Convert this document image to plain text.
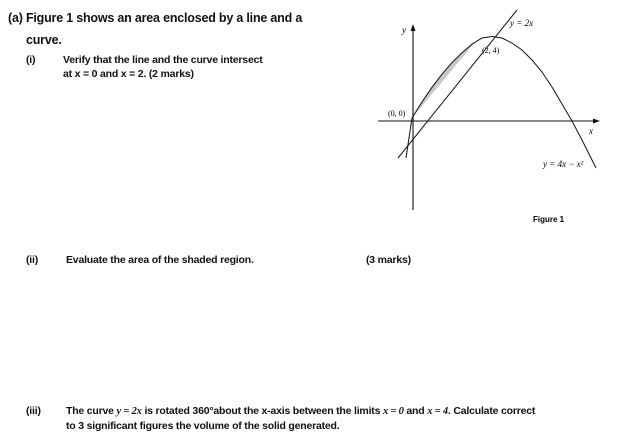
(a) Figure 1 shows an area enclosed by a line and a
curve.
(i)	Verify that the line and the curve intersect
at x = 0 and x = 2. (2 marks)
y
x
(0, 0)
(2, 4)
y = 2x
y = 4x − x²
Figure 1
(ii)	Evaluate the area of the shaded region.	(3 marks)
(iii) The curve y = 2x is rotated 360°about the x-axis between the limits x = 0 and x = 4. Calculate correct
to 3 significant figures the volume of the solid generated.
